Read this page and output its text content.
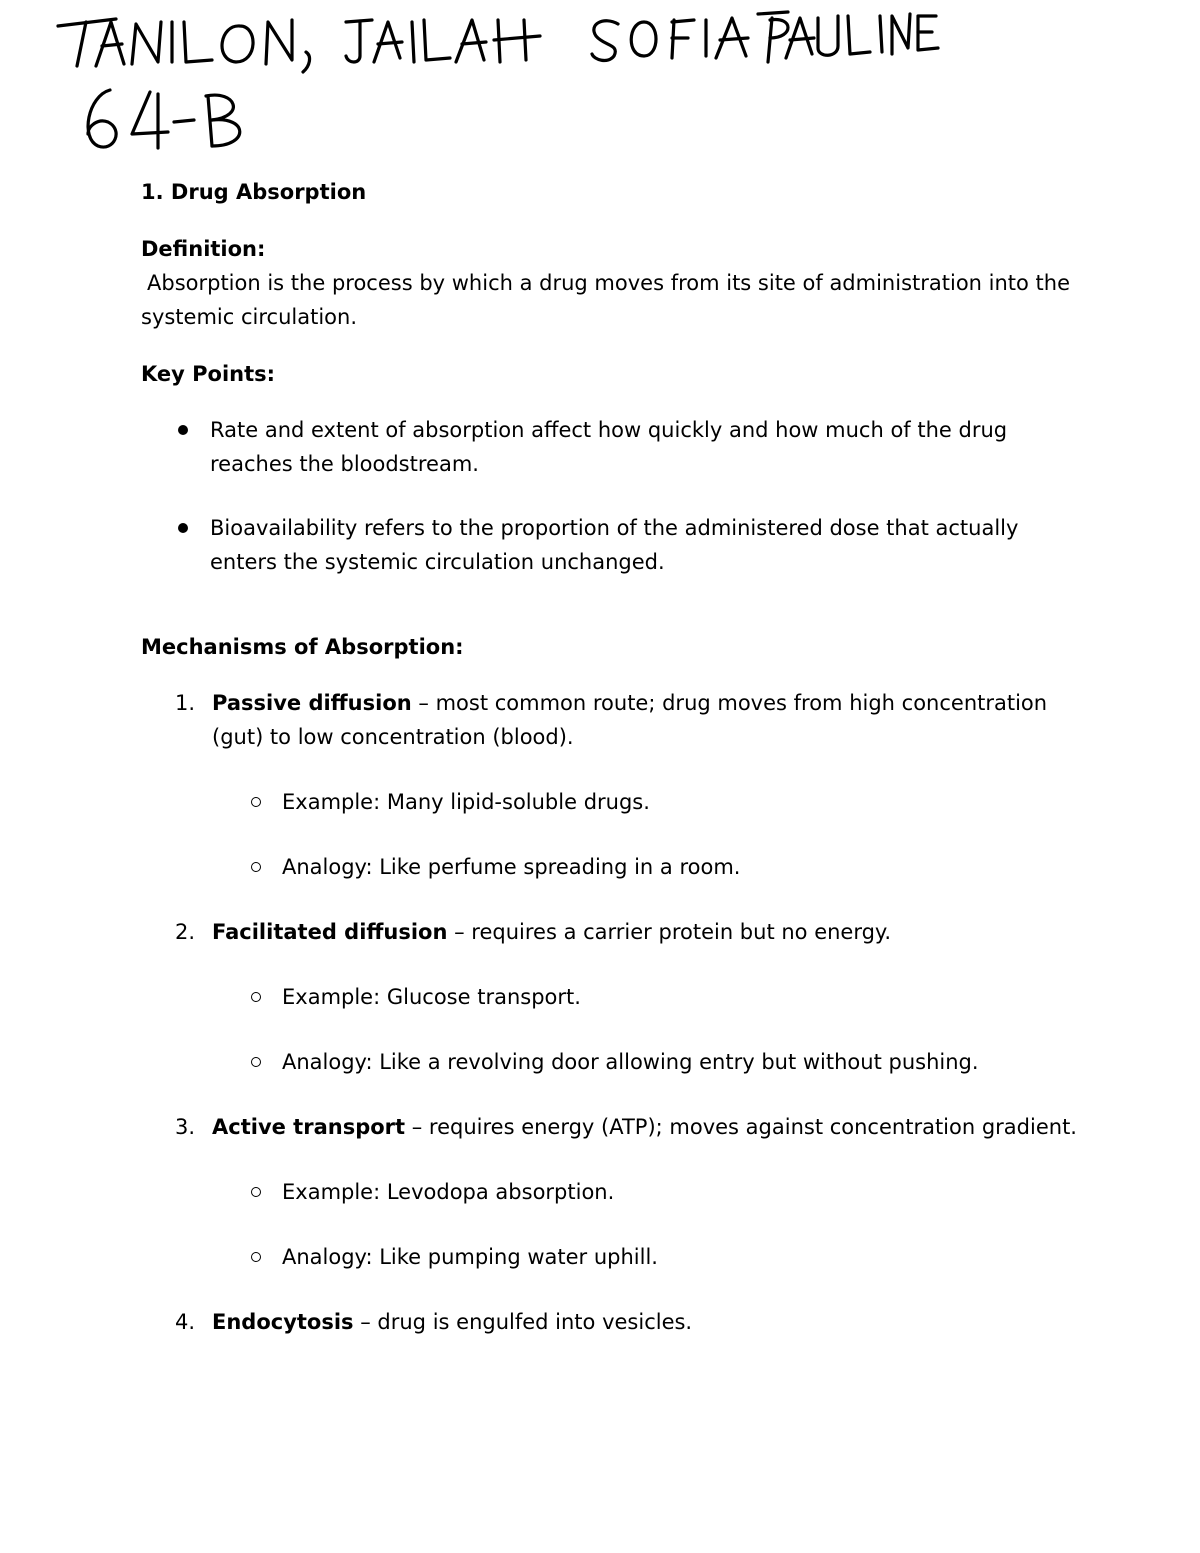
1. Drug Absorption
Definition:
Absorption is the process by which a drug moves from its site of administration into the
systemic circulation.
Key Points:
Rate and extent of absorption affect how quickly and how much of the drug reaches the bloodstream.
Bioavailability refers to the proportion of the administered dose that actually enters the systemic circulation unchanged.
Mechanisms of Absorption:
1. Passive diffusion – most common route; drug moves from high concentration (gut) to low concentration (blood).
Example: Many lipid-soluble drugs.
Analogy: Like perfume spreading in a room.
2. Facilitated diffusion – requires a carrier protein but no energy.
Example: Glucose transport.
Analogy: Like a revolving door allowing entry but without pushing.
3. Active transport – requires energy (ATP); moves against concentration gradient.
Example: Levodopa absorption.
Analogy: Like pumping water uphill.
4. Endocytosis – drug is engulfed into vesicles.
